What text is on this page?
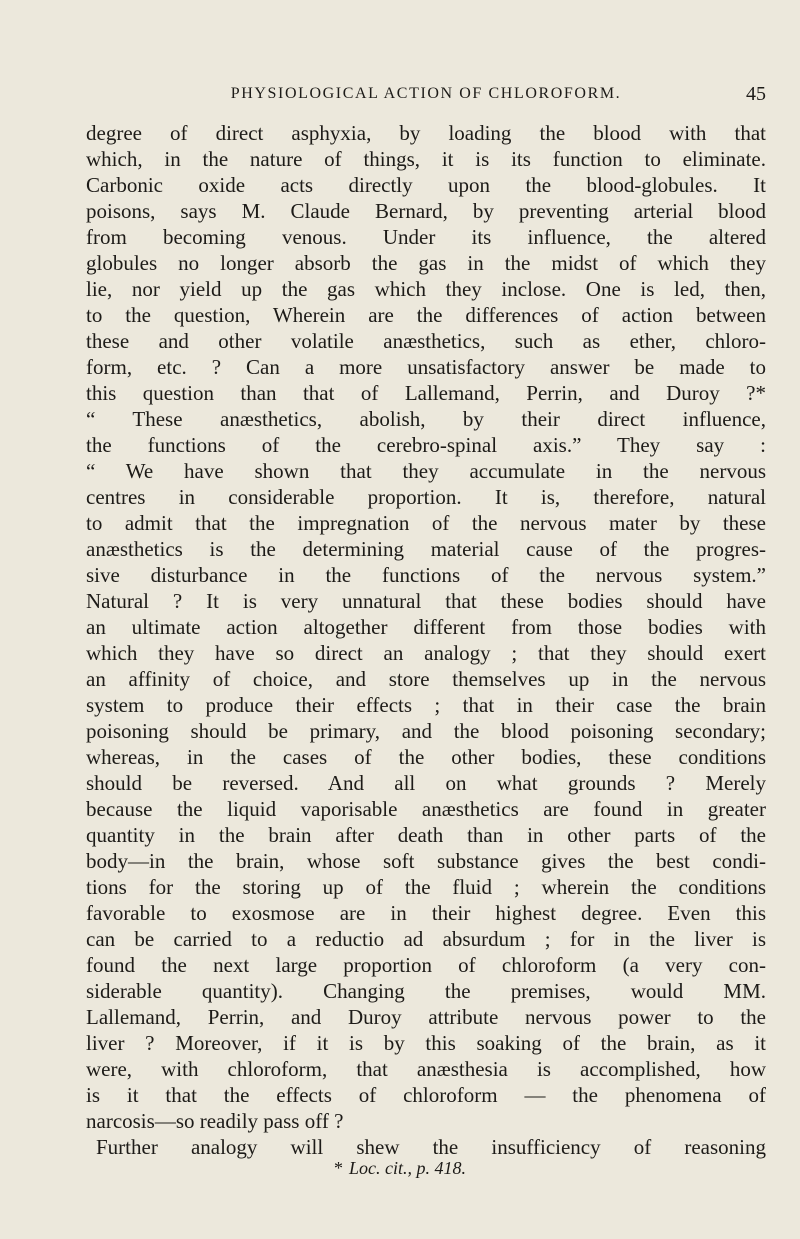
PHYSIOLOGICAL ACTION OF CHLOROFORM.	45
degree of direct asphyxia, by loading the blood with that
which, in the nature of things, it is its function to eliminate.
Carbonic oxide acts directly upon the blood-globules. It
poisons, says M. Claude Bernard, by preventing arterial blood
from becoming venous. Under its influence, the altered
globules no longer absorb the gas in the midst of which they
lie, nor yield up the gas which they inclose. One is led, then,
to the question, Wherein are the differences of action between
these and other volatile anæsthetics, such as ether, chloro-
form, etc. ? Can a more unsatisfactory answer be made to
this question than that of Lallemand, Perrin, and Duroy ?*
“ These anæsthetics, abolish, by their direct influence,
the functions of the cerebro-spinal axis.” They say :
“ We have shown that they accumulate in the nervous
centres in considerable proportion. It is, therefore, natural
to admit that the impregnation of the nervous mater by these
anæsthetics is the determining material cause of the progres-
sive disturbance in the functions of the nervous system.”
Natural ? It is very unnatural that these bodies should have
an ultimate action altogether different from those bodies with
which they have so direct an analogy ; that they should exert
an affinity of choice, and store themselves up in the nervous
system to produce their effects ; that in their case the brain
poisoning should be primary, and the blood poisoning secondary;
whereas, in the cases of the other bodies, these conditions
should be reversed. And all on what grounds ? Merely
because the liquid vaporisable anæsthetics are found in greater
quantity in the brain after death than in other parts of the
body—in the brain, whose soft substance gives the best condi-
tions for the storing up of the fluid ; wherein the conditions
favorable to exosmose are in their highest degree. Even this
can be carried to a reductio ad absurdum ; for in the liver is
found the next large proportion of chloroform (a very con-
siderable quantity). Changing the premises, would MM.
Lallemand, Perrin, and Duroy attribute nervous power to the
liver ? Moreover, if it is by this soaking of the brain, as it
were, with chloroform, that anæsthesia is accomplished, how
is it that the effects of chloroform — the phenomena of
narcosis—so readily pass off ?
Further analogy will shew the insufficiency of reasoning
* Loc. cit., p. 418.
